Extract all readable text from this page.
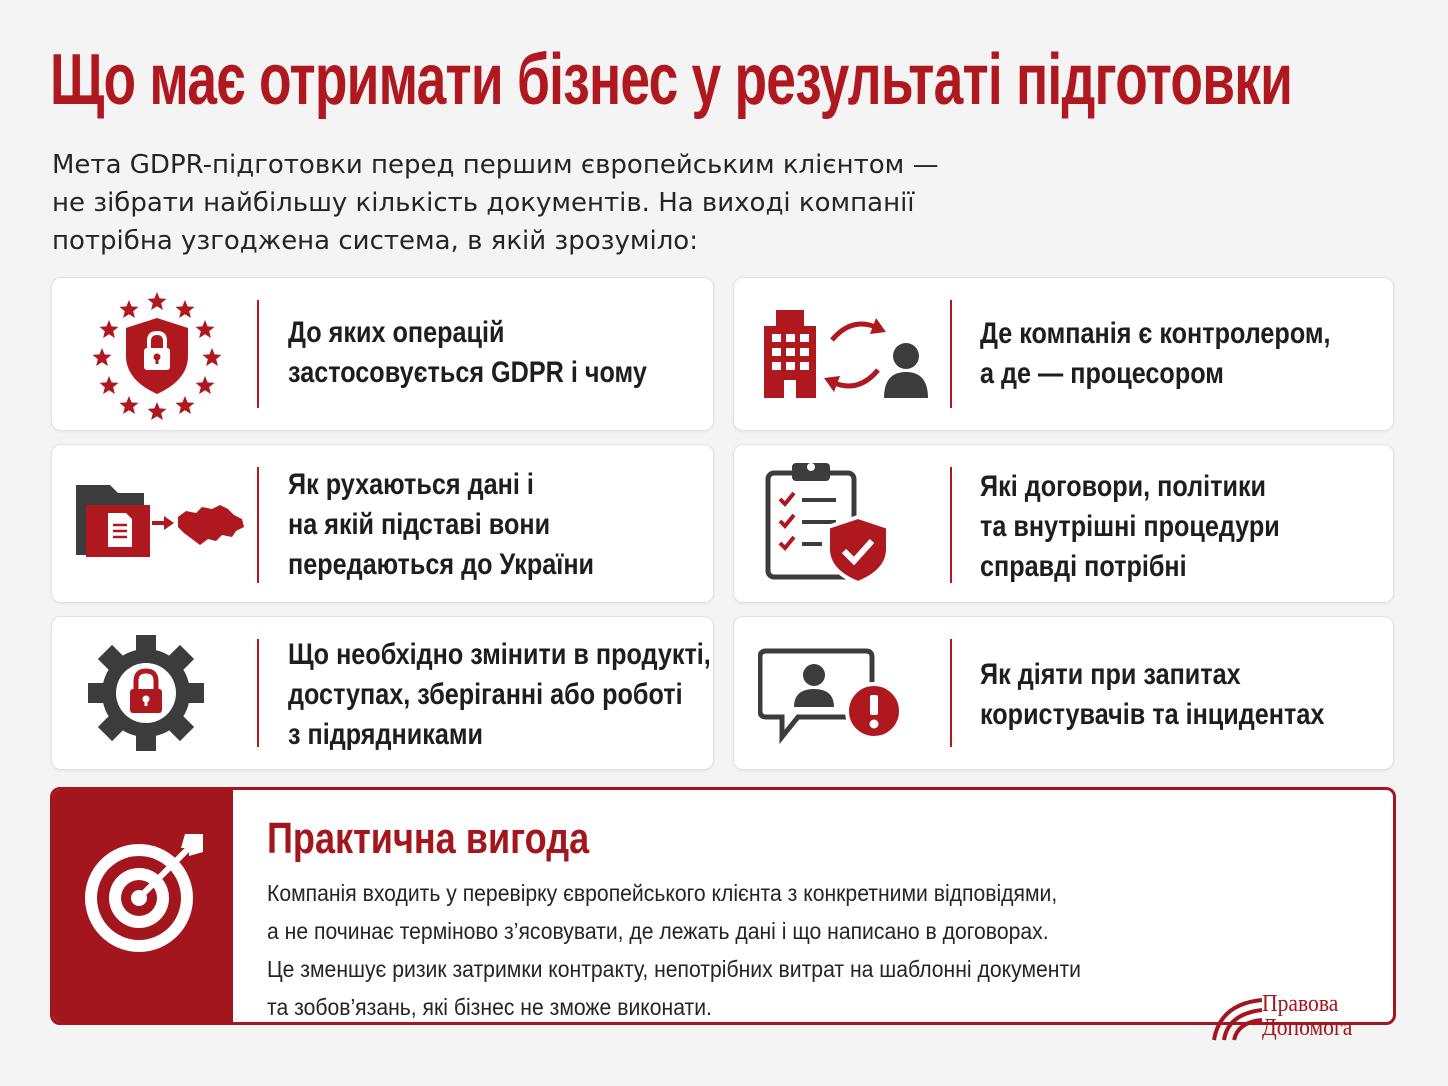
Що має отримати бізнес у результаті підготовки
Мета GDPR-підготовки перед першим європейським клієнтом —
не зібрати найбільшу кількість документів. На виході компанії
потрібна узгоджена система, в якій зрозуміло:
До яких операцій
застосовується GDPR і чому
Де компанія є контролером,
а де — процесором
Як рухаються дані і
на якій підставі вони
передаються до України
Які договори, політики
та внутрішні процедури
справді потрібні
Що необхідно змінити в продукті,
доступах, зберіганні або роботі
з підрядниками
Як діяти при запитах
користувачів та інцидентах
Практична вигода
Компанія входить у перевірку європейського клієнта з конкретними відповідями,
а не починає терміново з’ясовувати, де лежать дані і що написано в договорах.
Це зменшує ризик затримки контракту, непотрібних витрат на шаблонні документи
та зобов’язань, які бізнес не зможе виконати.	Правова
Допомога
